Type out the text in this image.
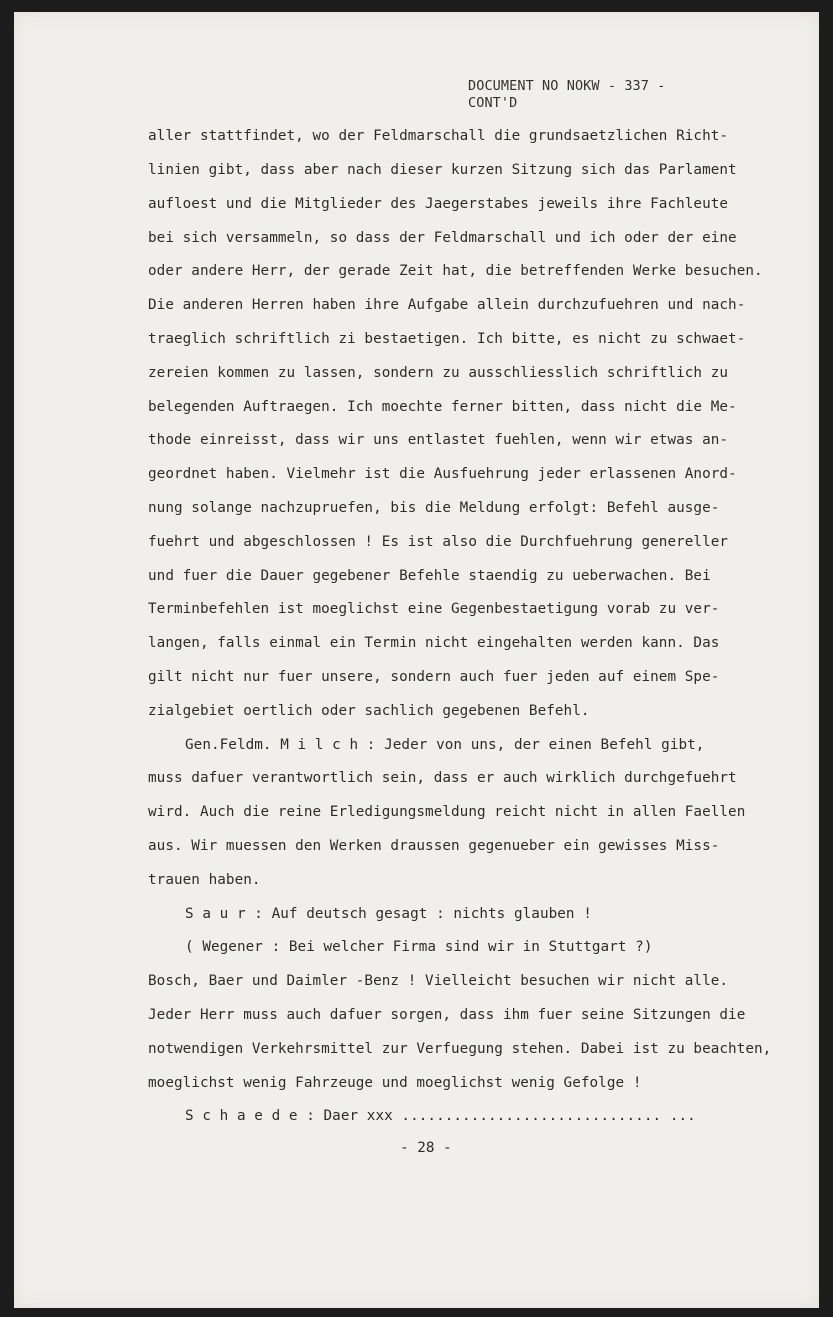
DOCUMENT NO NOKW - 337 -
CONT'D
aller stattfindet, wo der Feldmarschall die grundsaetzlichen Richt-
linien gibt, dass aber nach dieser kurzen Sitzung sich das Parlament
aufloest und die Mitglieder des Jaegerstabes jeweils ihre Fachleute
bei sich versammeln, so dass der Feldmarschall und ich oder der eine
oder andere Herr, der gerade Zeit hat, die betreffenden Werke besuchen.
Die anderen Herren haben ihre Aufgabe allein durchzufuehren und nach-
traeglich schriftlich zi bestaetigen. Ich bitte, es nicht zu schwaet-
zereien kommen zu lassen, sondern zu ausschliesslich schriftlich zu
belegenden Auftraegen. Ich moechte ferner bitten, dass nicht die Me-
thode einreisst, dass wir uns entlastet fuehlen, wenn wir etwas an-
geordnet haben. Vielmehr ist die Ausfuehrung jeder erlassenen Anord-
nung solange nachzupruefen, bis die Meldung erfolgt: Befehl ausge-
fuehrt und abgeschlossen ! Es ist also die Durchfuehrung genereller
und fuer die Dauer gegebener Befehle staendig zu ueberwachen. Bei
Terminbefehlen ist moeglichst eine Gegenbestaetigung vorab zu ver-
langen, falls einmal ein Termin nicht eingehalten werden kann. Das
gilt nicht nur fuer unsere, sondern auch fuer jeden auf einem Spe-
zialgebiet oertlich oder sachlich gegebenen Befehl.
Gen.Feldm. M i l c h : Jeder von uns, der einen Befehl gibt,
muss dafuer verantwortlich sein, dass er auch wirklich durchgefuehrt
wird. Auch die reine Erledigungsmeldung reicht nicht in allen Faellen
aus. Wir muessen den Werken draussen gegenueber ein gewisses Miss-
trauen haben.
S a u r : Auf deutsch gesagt : nichts glauben !
( Wegener : Bei welcher Firma sind wir in Stuttgart ?)
Bosch, Baer und Daimler -Benz ! Vielleicht besuchen wir nicht alle.
Jeder Herr muss auch dafuer sorgen, dass ihm fuer seine Sitzungen die
notwendigen Verkehrsmittel zur Verfuegung stehen. Dabei ist zu beachten,
moeglichst wenig Fahrzeuge und moeglichst wenig Gefolge !
S c h a e d e : Daer xxx .............................. ...
- 28 -
